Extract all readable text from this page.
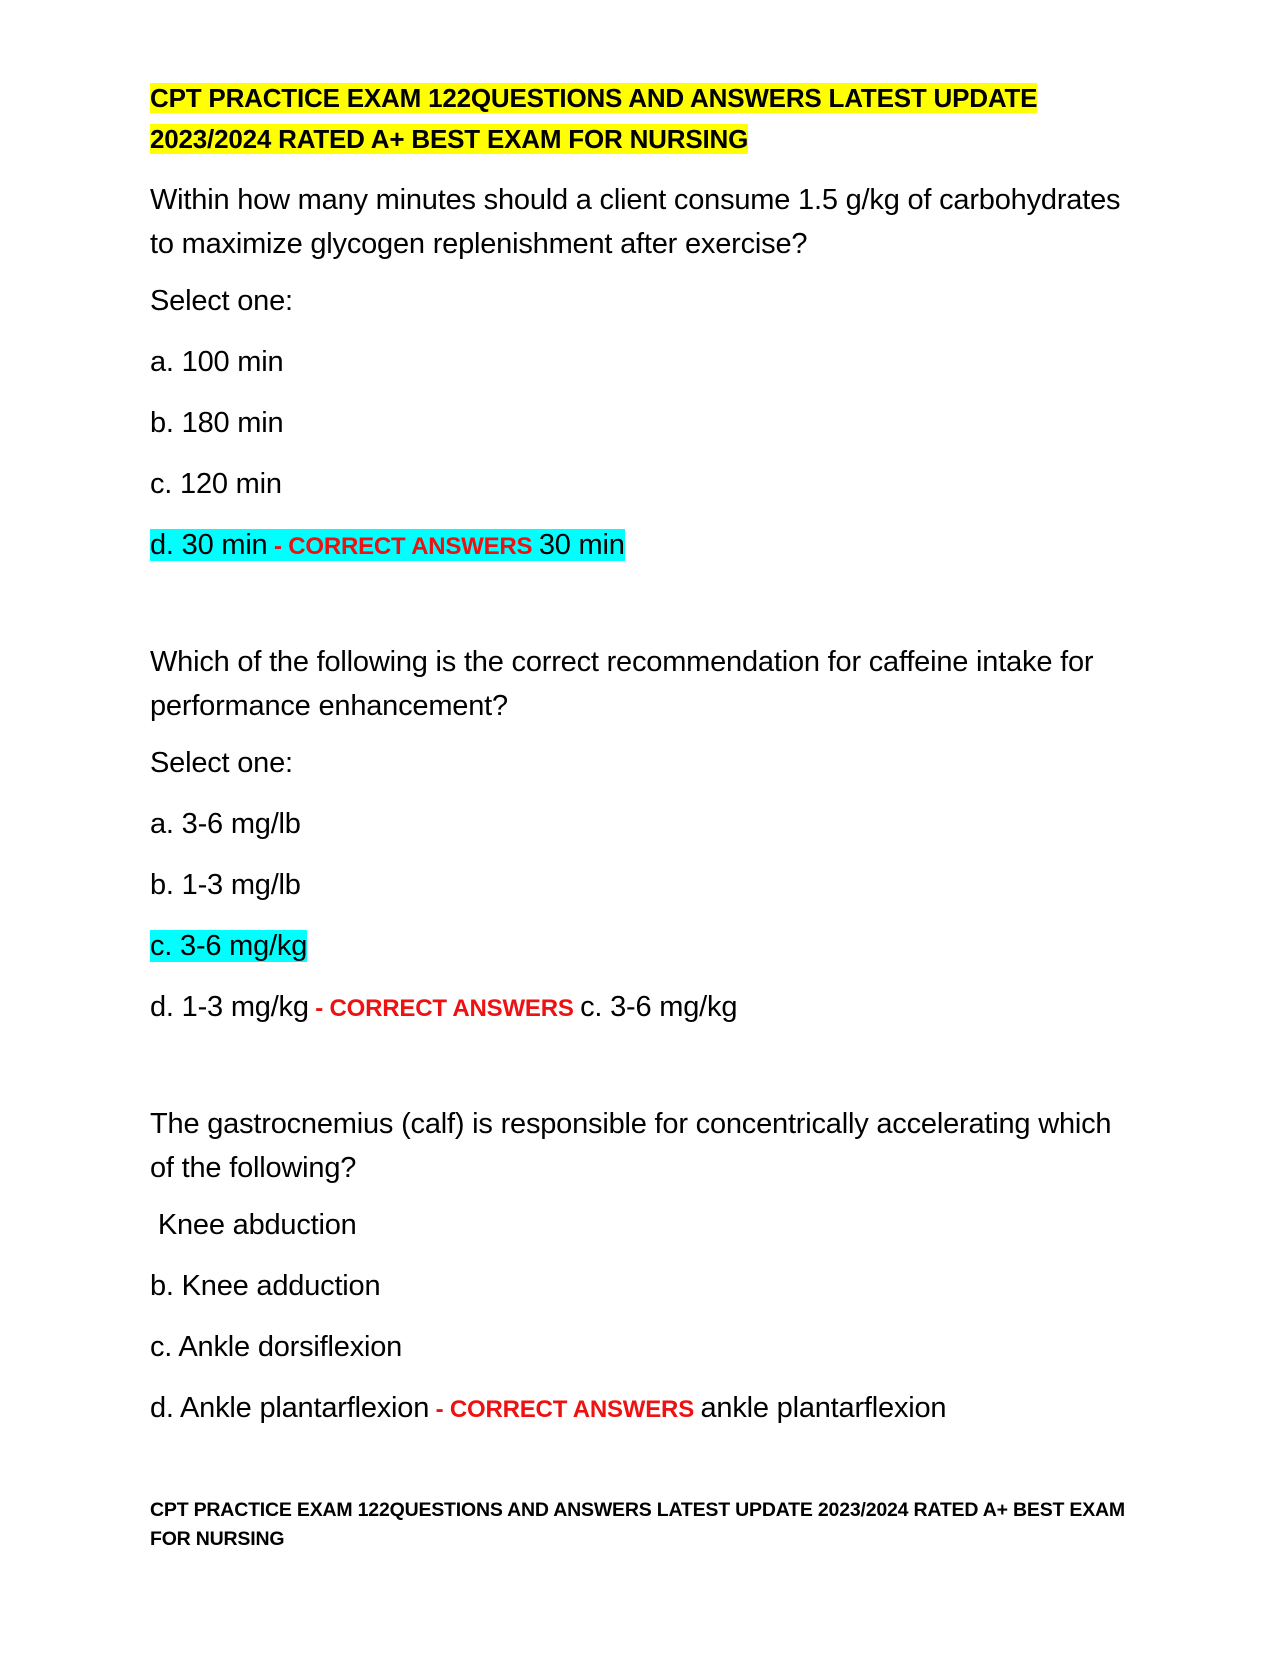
CPT PRACTICE EXAM 122QUESTIONS AND ANSWERS LATEST UPDATE
2023/2024 RATED A+ BEST EXAM FOR NURSING
Within how many minutes should a client consume 1.5 g/kg of carbohydrates to maximize glycogen replenishment after exercise?
Select one:
a. 100 min
b. 180 min
c. 120 min
d. 30 min - CORRECT ANSWERS 30 min
Which of the following is the correct recommendation for caffeine intake for performance enhancement?
Select one:
a. 3-6 mg/lb
b. 1-3 mg/lb
c. 3-6 mg/kg
d. 1-3 mg/kg - CORRECT ANSWERS c. 3-6 mg/kg
The gastrocnemius (calf) is responsible for concentrically accelerating which of the following?
Knee abduction
b. Knee adduction
c. Ankle dorsiflexion
d. Ankle plantarflexion - CORRECT ANSWERS ankle plantarflexion
CPT PRACTICE EXAM 122QUESTIONS AND ANSWERS LATEST UPDATE 2023/2024 RATED A+ BEST EXAM
FOR NURSING
